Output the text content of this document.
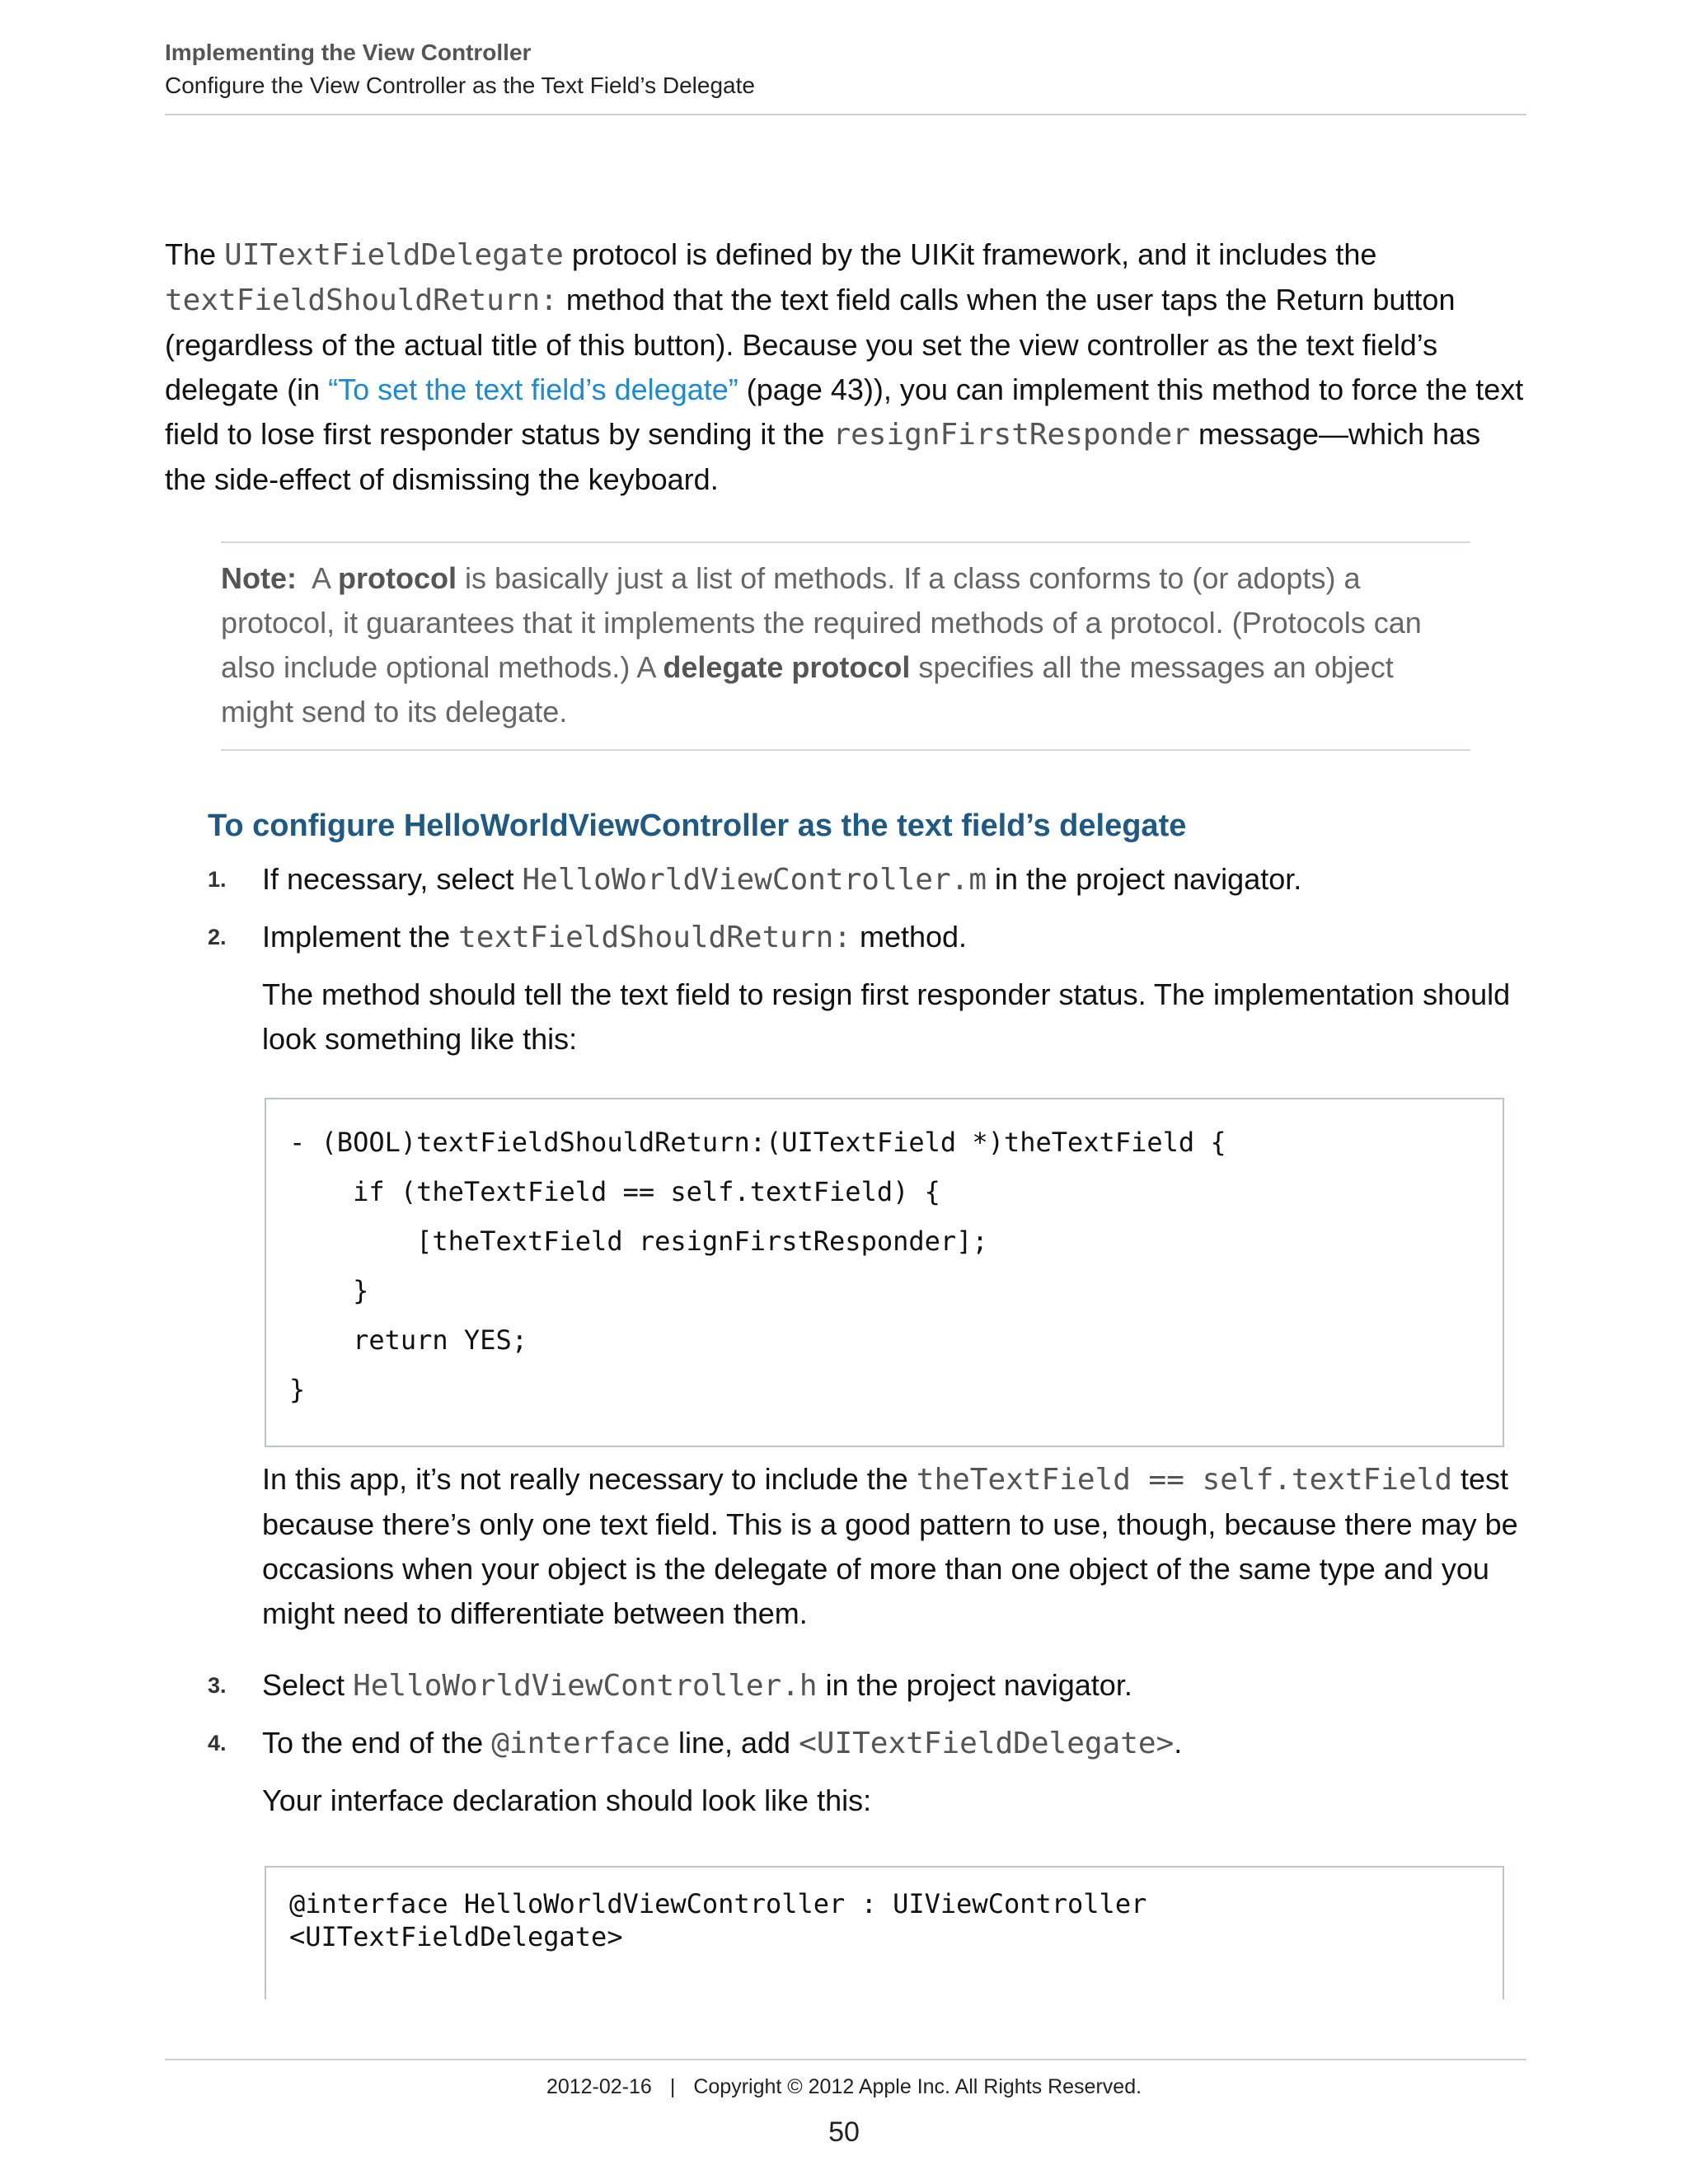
Implementing the View Controller
Configure the View Controller as the Text Field’s Delegate

The UITextFieldDelegate protocol is defined by the UIKit framework, and it includes the textFieldShouldReturn: method that the text field calls when the user taps the Return button (regardless of the actual title of this button). Because you set the view controller as the text field’s delegate (in “To set the text field’s delegate” (page 43)), you can implement this method to force the text field to lose first responder status by sending it the resignFirstResponder message—which has the side-effect of dismissing the keyboard.

Note:  A protocol is basically just a list of methods. If a class conforms to (or adopts) a protocol, it guarantees that it implements the required methods of a protocol. (Protocols can also include optional methods.) A delegate protocol specifies all the messages an object might send to its delegate.
To configure HelloWorldViewController as the text field’s delegate
1. If necessary, select HelloWorldViewController.m in the project navigator.
2. Implement the textFieldShouldReturn: method.
The method should tell the text field to resign first responder status. The implementation should look something like this:
- (BOOL)textFieldShouldReturn:(UITextField *)theTextField {
if (theTextField == self.textField) {
[theTextField resignFirstResponder];
}
return YES;
}
In this app, it’s not really necessary to include the theTextField == self.textField test because there’s only one text field. This is a good pattern to use, though, because there may be occasions when your object is the delegate of more than one object of the same type and you might need to differentiate between them.
3. Select HelloWorldViewController.h in the project navigator.
4. To the end of the @interface line, add <UITextFieldDelegate>.
Your interface declaration should look like this:
@interface HelloWorldViewController : UIViewController
<UITextFieldDelegate>
2012-02-16 | Copyright © 2012 Apple Inc. All Rights Reserved.
50
